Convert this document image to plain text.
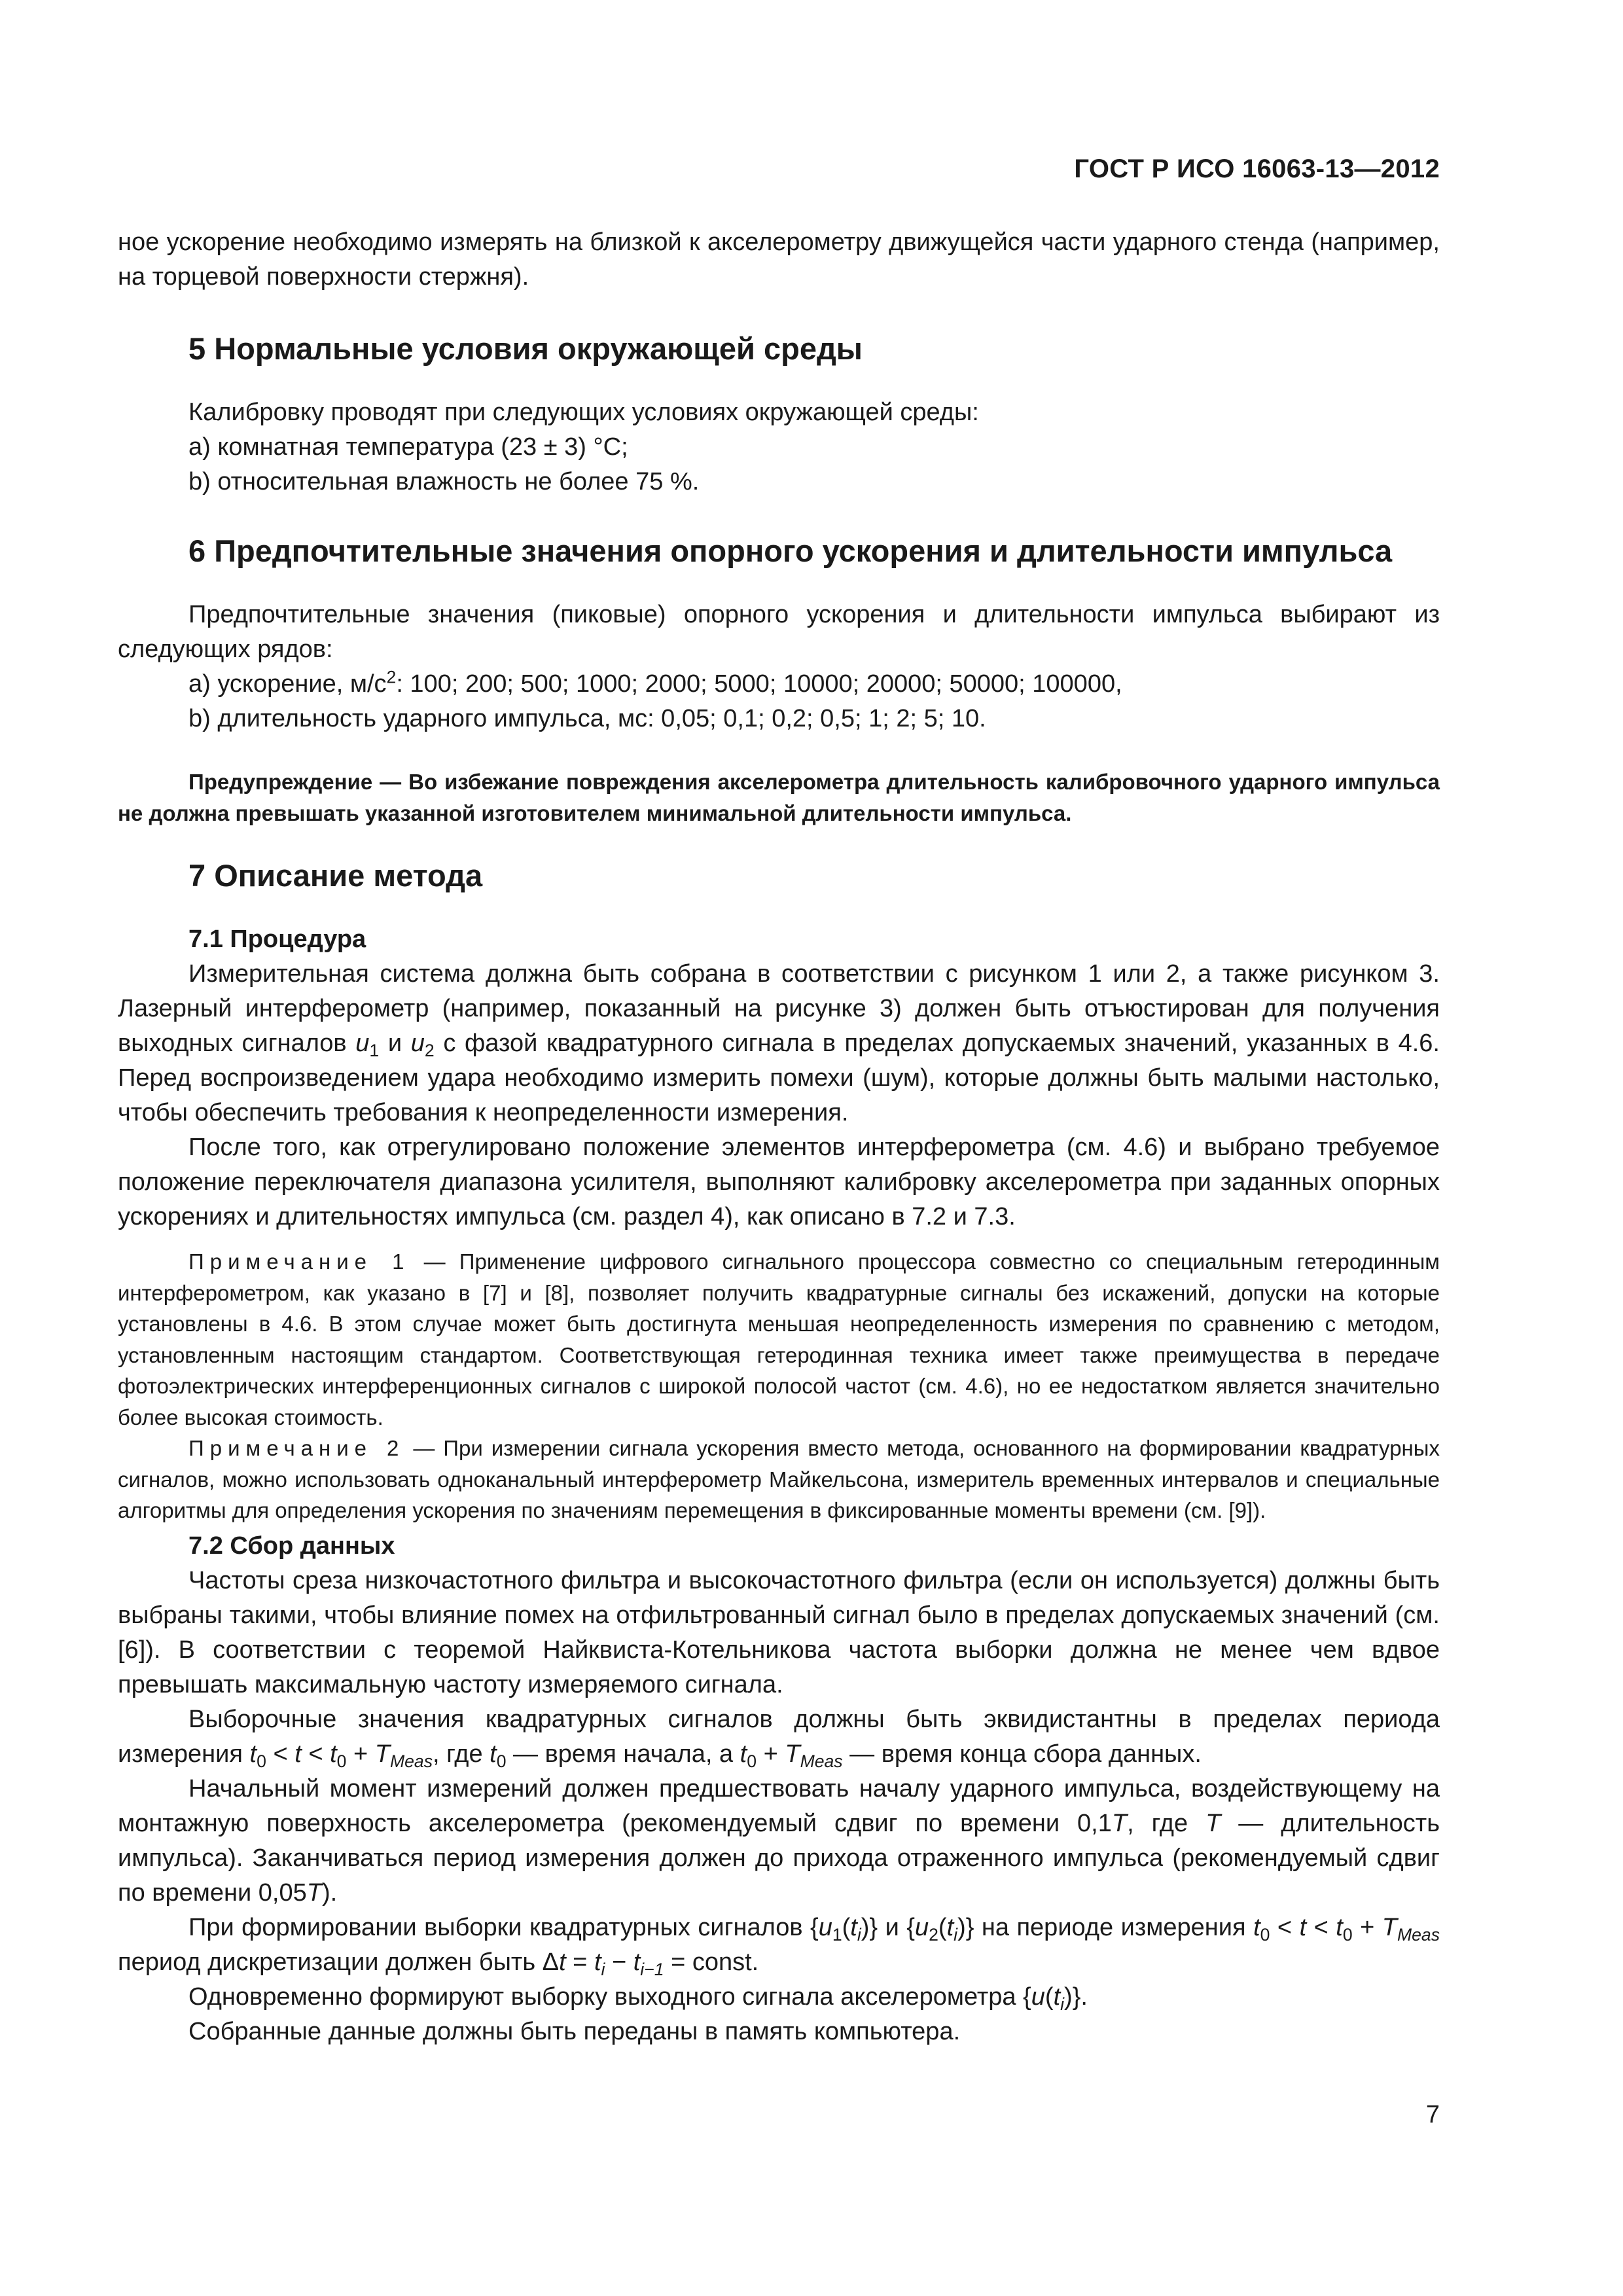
ГОСТ Р ИСО 16063-13—2012

ное ускорение необходимо измерять на близкой к акселерометру движущейся части ударного стенда (например, на торцевой поверхности стержня).

5 Нормальные условия окружающей среды

Калибровку проводят при следующих условиях окружающей среды:

a) комнатная температура (23 ± 3) °С;

b) относительная влажность не более 75 %.

6 Предпочтительные значения опорного ускорения и длительности импульса

Предпочтительные значения (пиковые) опорного ускорения и длительности импульса выбирают из следующих рядов:

a) ускорение, $м/с^2$: 100; 200; 500; 1000; 2000; 5000; 10000; 20000; 50000; 100000,

b) длительность ударного импульса, мс: 0,05; 0,1; 0,2; 0,5; 1; 2; 5; 10.

Предупреждение — Во избежание повреждения акселерометра длительность калибровочного ударного импульса не должна превышать указанной изготовителем минимальной длительности импульса.

7 Описание метода
7.1 Процедура

Измерительная система должна быть собрана в соответствии с рисунком 1 или 2, а также рисунком 3. Лазерный интерферометр (например, показанный на рисунке 3) должен быть отъюстирован для получения выходных сигналов $u_1$ и $u_2$ с фазой квадратурного сигнала в пределах допускаемых значений, указанных в 4.6. Перед воспроизведением удара необходимо измерить помехи (шум), которые должны быть малыми настолько, чтобы обеспечить требования к неопределенности измерения.

После того, как отрегулировано положение элементов интерферометра (см. 4.6) и выбрано требуемое положение переключателя диапазона усилителя, выполняют калибровку акселерометра при заданных опорных ускорениях и длительностях импульса (см. раздел 4), как описано в 7.2 и 7.3.

Примечание 1 — Применение цифрового сигнального процессора совместно со специальным гетеродинным интерферометром, как указано в [7] и [8], позволяет получить квадратурные сигналы без искажений, допуски на которые установлены в 4.6. В этом случае может быть достигнута меньшая неопределенность измерения по сравнению с методом, установленным настоящим стандартом. Соответствующая гетеродинная техника имеет также преимущества в передаче фотоэлектрических интерференционных сигналов с широкой полосой частот (см. 4.6), но ее недостатком является значительно более высокая стоимость.

Примечание 2 — При измерении сигнала ускорения вместо метода, основанного на формировании квадратурных сигналов, можно использовать одноканальный интерферометр Майкельсона, измеритель временных интервалов и специальные алгоритмы для определения ускорения по значениям перемещения в фиксированные моменты времени (см. [9]).

7.2 Сбор данных

Частоты среза низкочастотного фильтра и высокочастотного фильтра (если он используется) должны быть выбраны такими, чтобы влияние помех на отфильтрованный сигнал было в пределах допускаемых значений (см. [6]). В соответствии с теоремой Найквиста-Котельникова частота выборки должна не менее чем вдвое превышать максимальную частоту измеряемого сигнала.

Выборочные значения квадратурных сигналов должны быть эквидистантны в пределах периода измерения $t_0 < t < t_0 + T_{Meas}$, где $t_0$ — время начала, а $t_0 + T_{Meas}$ — время конца сбора данных.

Начальный момент измерений должен предшествовать началу ударного импульса, воздействующему на монтажную поверхность акселерометра (рекомендуемый сдвиг по времени 0,1T, где T — длительность импульса). Заканчиваться период измерения должен до прихода отраженного импульса (рекомендуемый сдвиг по времени 0,05T).

При формировании выборки квадратурных сигналов $\{u_1(t_i)\}$ и $\{u_2(t_i)\}$ на периоде измерения $t_0 < t < t_0 + T_{Meas}$ период дискретизации должен быть $\Delta t = t_i - t_{i-1}$ = const.

Одновременно формируют выборку выходного сигнала акселерометра $\{u(t_i)\}$.

Собранные данные должны быть переданы в память компьютера.

7
